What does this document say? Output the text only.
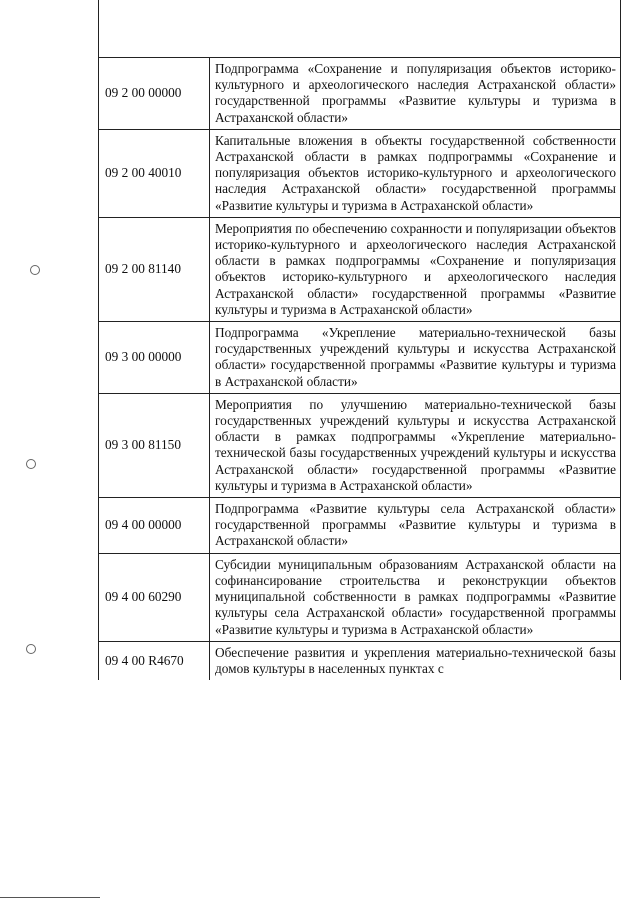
09 2 00 00000	Подпрограмма «Сохранение и популяризация объектов историко-культурного и археологического наследия Астраханской области» государственной программы «Развитие культуры и туризма в Астраханской области»
09 2 00 40010	Капитальные вложения в объекты государственной собственности Астраханской области в рамках подпрограммы «Сохранение и популяризация объектов историко-культурного и археологического наследия Астраханской области» государственной программы «Развитие культуры и туризма в Астраханской области»
09 2 00 81140	Мероприятия по обеспечению сохранности и популяризации объектов историко-культурного и археологического наследия Астраханской области в рамках подпрограммы «Сохранение и популяризация объектов историко-культурного и археологического наследия Астраханской области» государственной программы «Развитие культуры и туризма в Астраханской области»
09 3 00 00000	Подпрограмма «Укрепление материально-технической базы государственных учреждений культуры и искусства Астраханской области» государственной программы «Развитие культуры и туризма в Астраханской области»
09 3 00 81150	Мероприятия по улучшению материально-технической базы государственных учреждений культуры и искусства Астраханской области в рамках подпрограммы «Укрепление материально-технической базы государственных учреждений культуры и искусства Астраханской области» государственной программы «Развитие культуры и туризма в Астраханской области»
09 4 00 00000	Подпрограмма «Развитие культуры села Астраханской области» государственной программы «Развитие культуры и туризма в Астраханской области»
09 4 00 60290	Субсидии муниципальным образованиям Астраханской области на софинансирование строительства и реконструкции объектов муниципальной собственности в рамках подпрограммы «Развитие культуры села Астраханской области» государственной программы «Развитие культуры и туризма в Астраханской области»
09 4 00 R4670	Обеспечение развития и укрепления материально-технической базы домов культуры в населенных пунктах с
